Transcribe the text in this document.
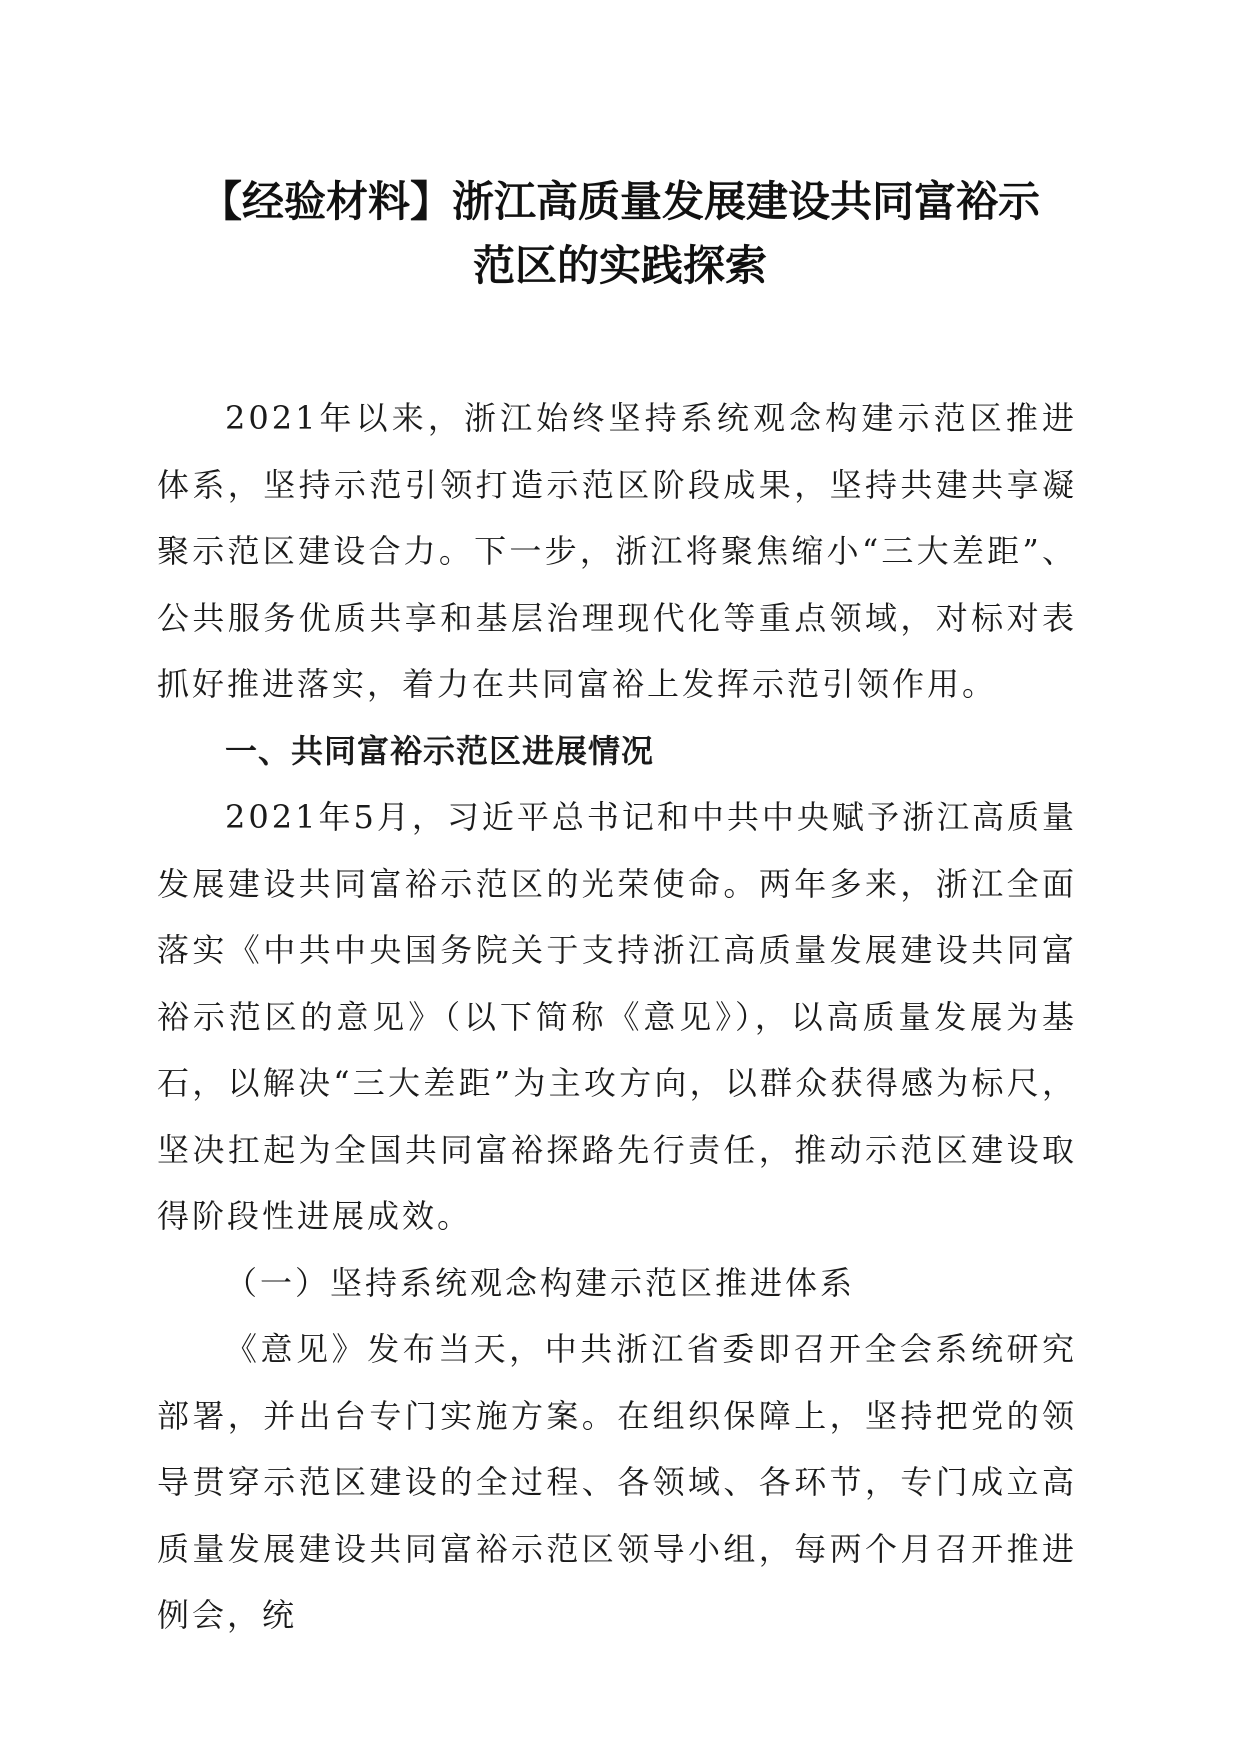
【经验材料】浙江高质量发展建设共同富裕示
范区的实践探索

2021年以来，浙江始终坚持系统观念构建示范区推进体系，坚持示范引领打造示范区阶段成果，坚持共建共享凝聚示范区建设合力。下一步，浙江将聚焦缩小“三大差距”、公共服务优质共享和基层治理现代化等重点领域，对标对表抓好推进落实，着力在共同富裕上发挥示范引领作用。

一、共同富裕示范区进展情况

2021年5月，习近平总书记和中共中央赋予浙江高质量发展建设共同富裕示范区的光荣使命。两年多来，浙江全面落实《中共中央国务院关于支持浙江高质量发展建设共同富裕示范区的意见》（以下简称《意见》），以高质量发展为基石，以解决“三大差距”为主攻方向，以群众获得感为标尺，坚决扛起为全国共同富裕探路先行责任，推动示范区建设取得阶段性进展成效。

（一）坚持系统观念构建示范区推进体系

《意见》发布当天，中共浙江省委即召开全会系统研究部署，并出台专门实施方案。在组织保障上，坚持把党的领导贯穿示范区建设的全过程、各领域、各环节，专门成立高质量发展建设共同富裕示范区领导小组，每两个月召开推进例会，统
